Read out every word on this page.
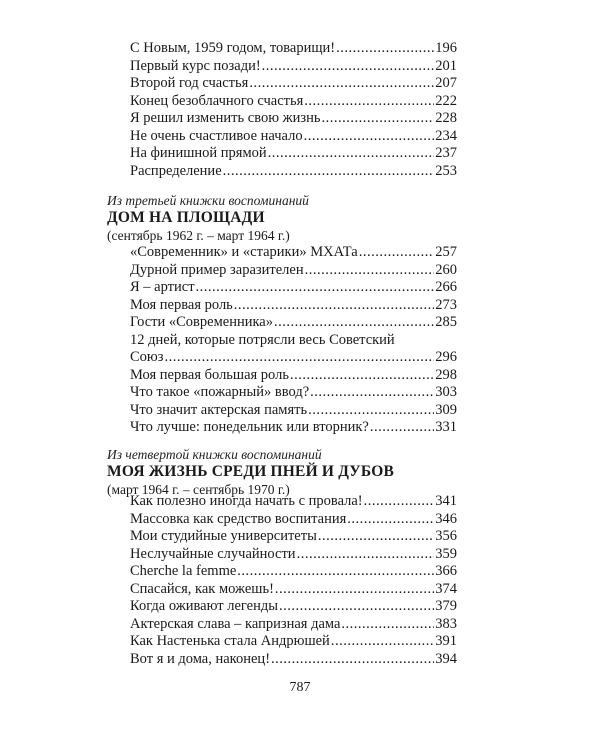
С Новым, 1959 годом, товарищи! .....	196
Первый курс позади! .....	201
Второй год счастья .....	207
Конец безоблачного счастья .....	222
Я решил изменить свою жизнь .....	228
Не очень счастливое начало .....	234
На финишной прямой .....	237
Распределение .....	253
Из третьей книжки воспоминаний
ДОМ НА ПЛОЩАДИ
(сентябрь 1962 г. – март 1964 г.)
«Современник» и «старики» МХАТа .....	257
Дурной пример заразителен .....	260
Я – артист .....	266
Моя первая роль .....	273
Гости «Современника» .....	285
12 дней, которые потрясли весь Советский
Союз .....	296
Моя первая большая роль .....	298
Что такое «пожарный» ввод? .....	303
Что значит актерская память .....	309
Что лучше: понедельник или вторник? .....	331
Из четвертой книжки воспоминаний
МОЯ ЖИЗНЬ СРЕДИ ПНЕЙ И ДУБОВ
(март 1964 г. – сентябрь 1970 г.)
Как полезно иногда начать с провала! .....	341
Массовка как средство воспитания .....	346
Мои студийные университеты .....	356
Неслучайные случайности .....	359
Cherche la femme .....	366
Спасайся, как можешь! .....	374
Когда оживают легенды .....	379
Актерская слава – капризная дама .....	383
Как Настенька стала Андрюшей .....	391
Вот я и дома, наконец! .....	394
787
